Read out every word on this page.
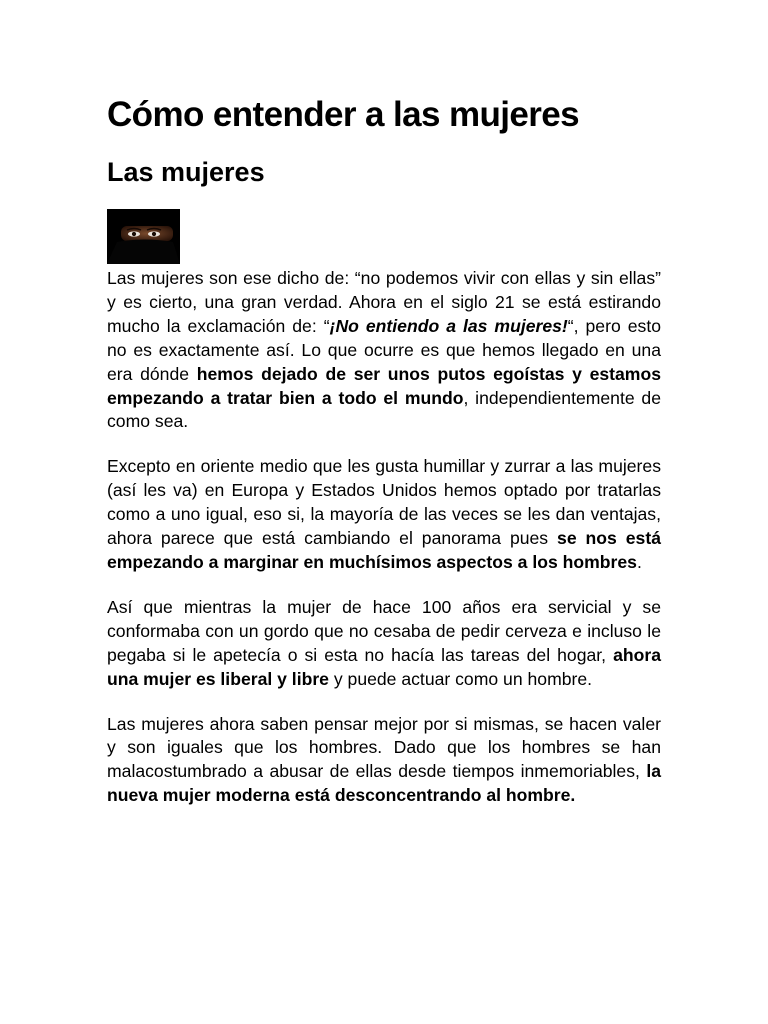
Cómo entender a las mujeres
Las mujeres

Las mujeres son ese dicho de: “no podemos vivir con ellas y sin ellas” y es cierto, una gran verdad. Ahora en el siglo 21 se está estirando mucho la exclamación de: “¡No entiendo a las mujeres!“, pero esto no es exactamente así. Lo que ocurre es que hemos llegado en una era dónde hemos dejado de ser unos putos egoístas y estamos empezando a tratar bien a todo el mundo, independientemente de como sea.

Excepto en oriente medio que les gusta humillar y zurrar a las mujeres (así les va) en Europa y Estados Unidos hemos optado por tratarlas como a uno igual, eso si, la mayoría de las veces se les dan ventajas, ahora parece que está cambiando el panorama pues se nos está empezando a marginar en muchísimos aspectos a los hombres.

Así que mientras la mujer de hace 100 años era servicial y se conformaba con un gordo que no cesaba de pedir cerveza e incluso le pegaba si le apetecía o si esta no hacía las tareas del hogar, ahora una mujer es liberal y libre y puede actuar como un hombre.

Las mujeres ahora saben pensar mejor por si mismas, se hacen valer y son iguales que los hombres. Dado que los hombres se han malacostumbrado a abusar de ellas desde tiempos inmemoriables, la nueva mujer moderna está desconcentrando al hombre.
